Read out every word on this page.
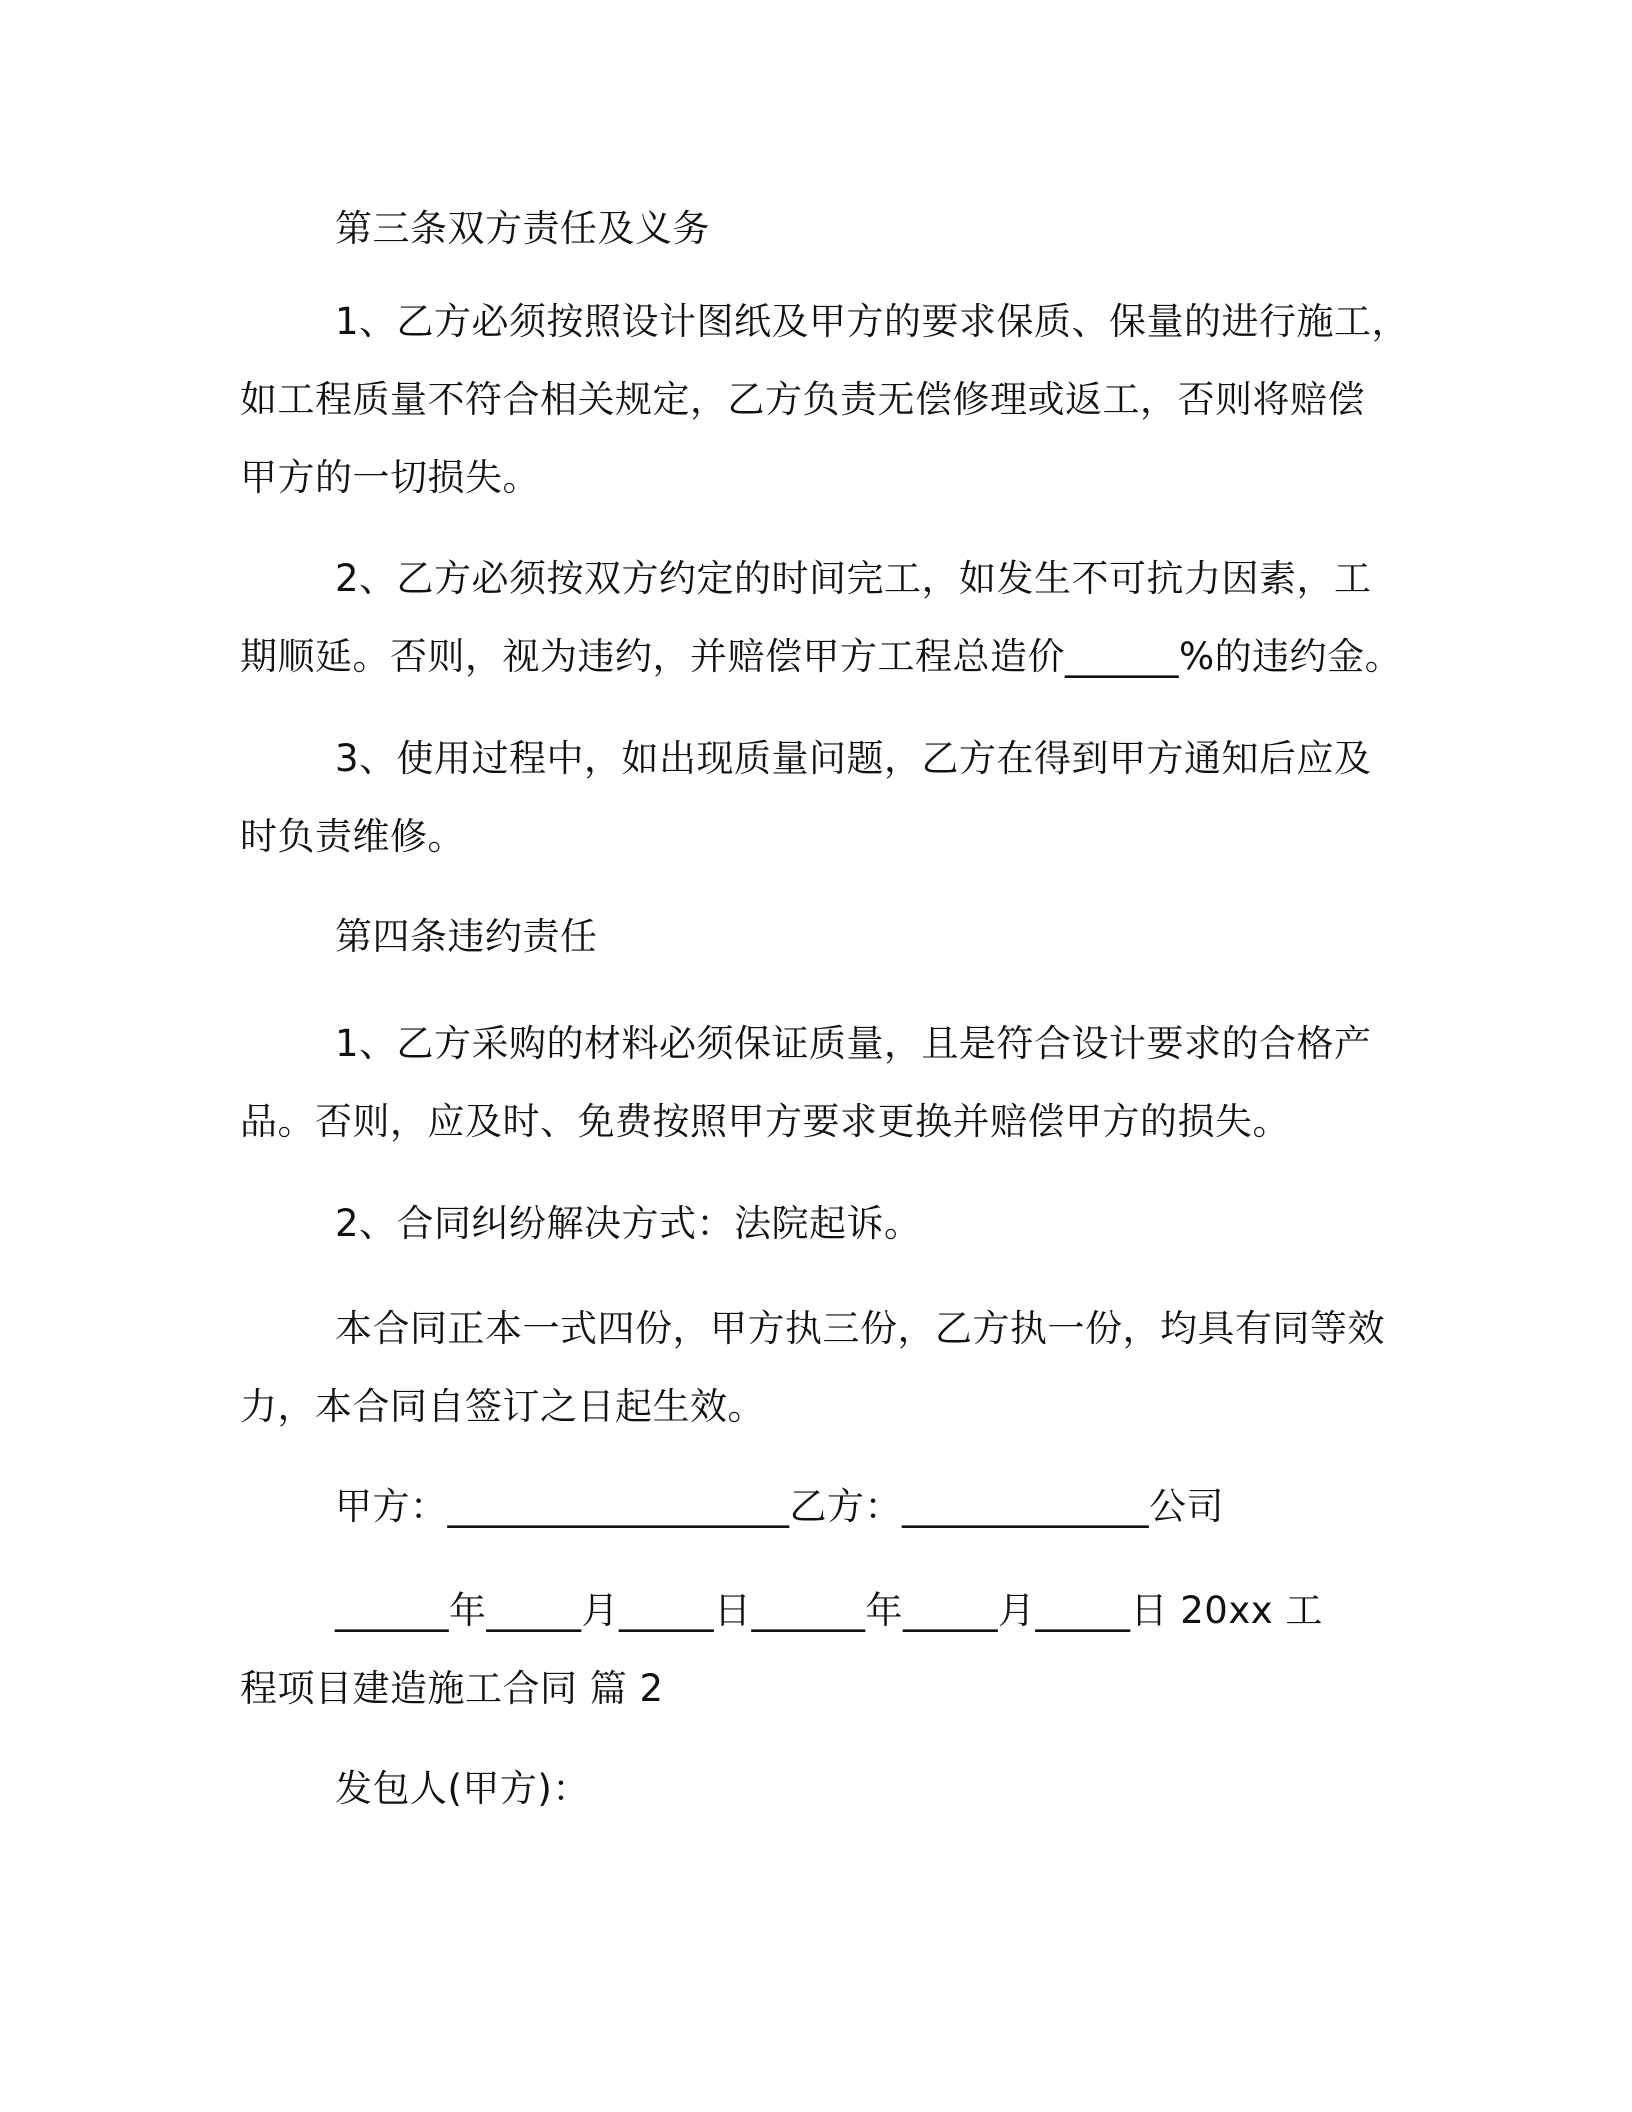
第三条双方责任及义务

1、乙方必须按照设计图纸及甲方的要求保质、保量的进行施工，
如工程质量不符合相关规定，乙方负责无偿修理或返工，否则将赔偿
甲方的一切损失。

2、乙方必须按双方约定的时间完工，如发生不可抗力因素，工
期顺延。否则，视为违约，并赔偿甲方工程总造价______%的违约金。

3、使用过程中，如出现质量问题，乙方在得到甲方通知后应及
时负责维修。

第四条违约责任

1、乙方采购的材料必须保证质量，且是符合设计要求的合格产
品。否则，应及时、免费按照甲方要求更换并赔偿甲方的损失。

2、合同纠纷解决方式：法院起诉。

本合同正本一式四份，甲方执三份，乙方执一份，均具有同等效
力，本合同自签订之日起生效。

甲方：__________________乙方：_____________公司

______年_____月_____日______年_____月_____日 20xx 工
程项目建造施工合同 篇 2

发包人(甲方)：
